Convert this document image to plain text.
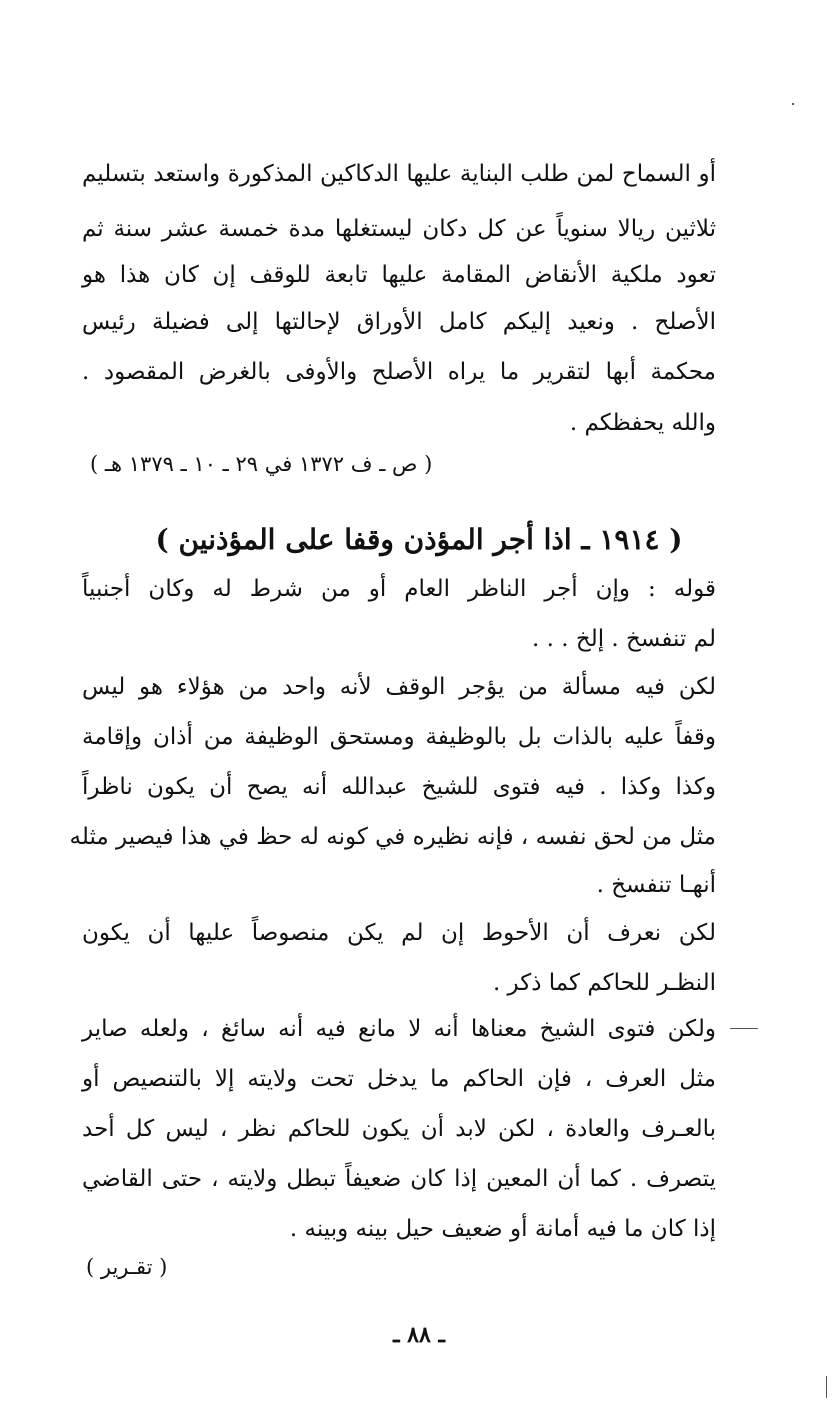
أو السماح لمن طلب البناية عليها الدكاكين المذكورة واستعد بتسليم
ثلاثين ريالا سنوياً عن كل دكان ليستغلها مدة خمسة عشر سنة ثم
تعود ملكية الأنقاض المقامة عليها تابعة للوقف إن كان هذا هو
الأصلح . ونعيد إليكم كامل الأوراق لإحالتها إلى فضيلة رئيس
محكمة أبها لتقرير ما يراه الأصلح والأوفى بالغرض المقصود .
والله يحفظكم .
( ص ـ ف ١٣٧٢ في ٢٩ ـ ١٠ ـ ١٣٧٩ هـ )
( ١٩١٤ ـ اذا أجر المؤذن وقفا على المؤذنين )
قوله : وإن أجر الناظر العام أو من شرط له وكان أجنبياً
لم تنفسخ . إلخ . . .
لكن فيه مسألة من يؤجر الوقف لأنه واحد من هؤلاء هو ليس
وقفاً عليه بالذات بل بالوظيفة ومستحق الوظيفة من أذان وإقامة
وكذا وكذا . فيه فتوى للشيخ عبدالله أنه يصح أن يكون ناظراً
مثل من لحق نفسه ، فإنه نظيره في كونه له حظ في هذا فيصير مثله
أنهـا تنفسخ .
لكن نعرف أن الأحوط إن لم يكن منصوصاً عليها أن يكون
النظـر للحاكم كما ذكر .
ولكن فتوى الشيخ معناها أنه لا مانع فيه أنه سائغ ، ولعله صاير
مثل العرف ، فإن الحاكم ما يدخل تحت ولايته إلا بالتنصيص أو
بالعـرف والعادة ، لكن لابد أن يكون للحاكم نظر ، ليس كل أحد
يتصرف . كما أن المعين إذا كان ضعيفاً تبطل ولايته ، حتى القاضي
إذا كان ما فيه أمانة أو ضعيف حيل بينه وبينه .
( تقـرير )
ـ ٨٨ ـ
